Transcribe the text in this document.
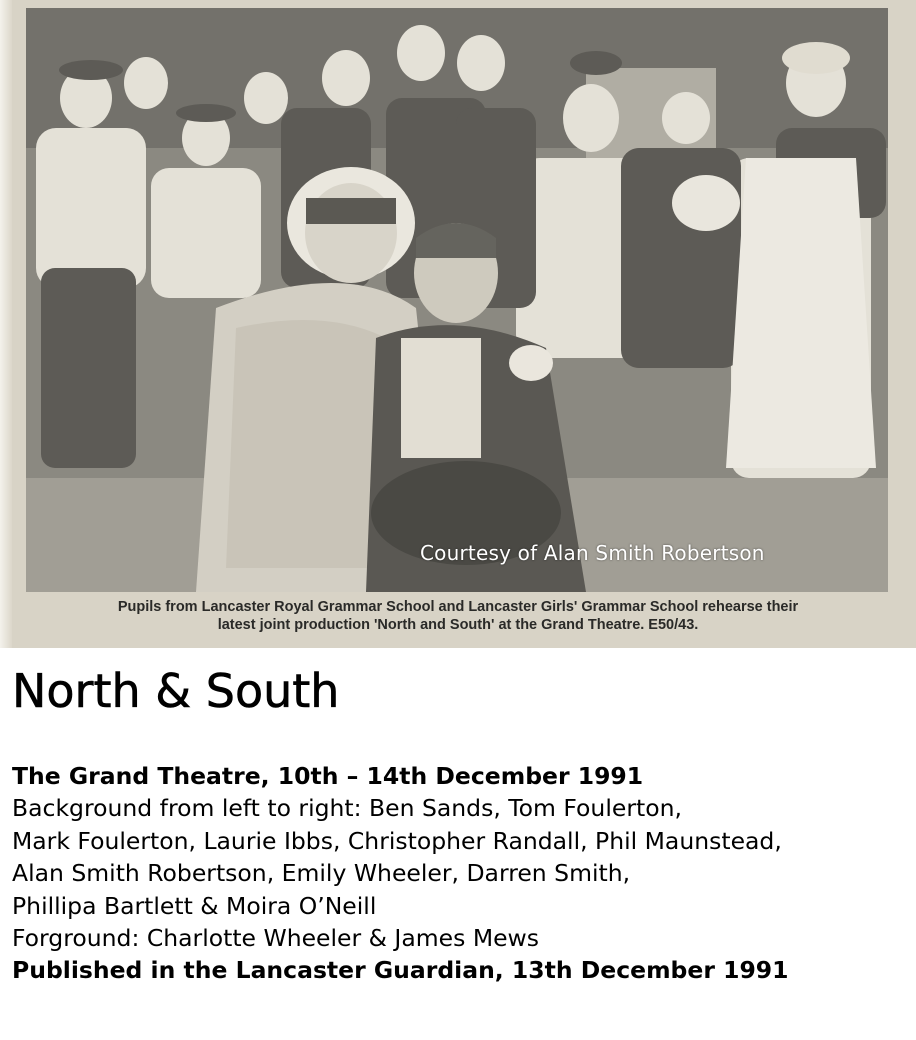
Courtesy of Alan Smith Robertson
Pupils from Lancaster Royal Grammar School and Lancaster Girls' Grammar School rehearse their
latest joint production 'North and South' at the Grand Theatre. E50/43.
North & South
The Grand Theatre, 10th – 14th December 1991
Background from left to right: Ben Sands, Tom Foulerton,
Mark Foulerton, Laurie Ibbs, Christopher Randall, Phil Maunstead,
Alan Smith Robertson, Emily Wheeler, Darren Smith,
Phillipa Bartlett & Moira O’Neill
Forground: Charlotte Wheeler & James Mews
Published in the Lancaster Guardian, 13th December 1991
